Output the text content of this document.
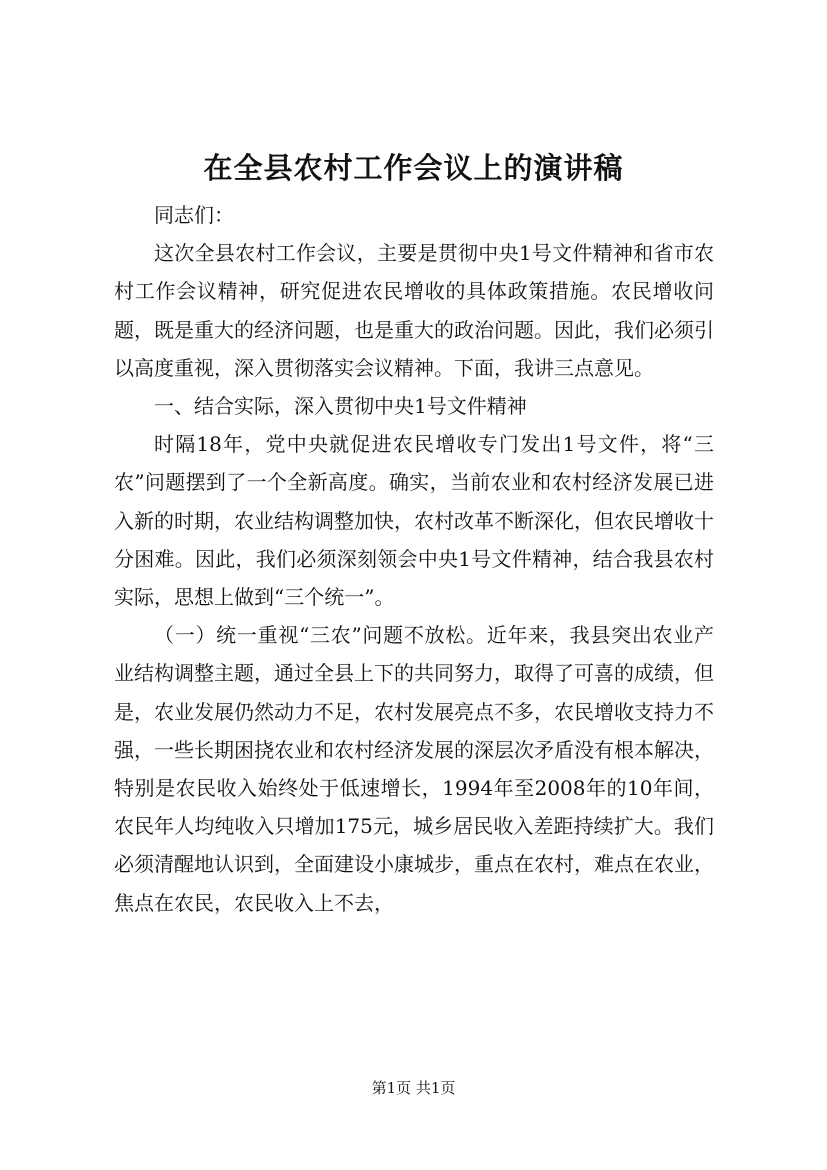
在全县农村工作会议上的演讲稿

同志们：

这次全县农村工作会议，主要是贯彻中央1号文件精神和省市农村工作会议精神，研究促进农民增收的具体政策措施。农民增收问题，既是重大的经济问题，也是重大的政治问题。因此，我们必须引以高度重视，深入贯彻落实会议精神。下面，我讲三点意见。

一、结合实际，深入贯彻中央1号文件精神

时隔18年，党中央就促进农民增收专门发出1号文件，将“三农”问题摆到了一个全新高度。确实，当前农业和农村经济发展已进入新的时期，农业结构调整加快，农村改革不断深化，但农民增收十分困难。因此，我们必须深刻领会中央1号文件精神，结合我县农村实际，思想上做到“三个统一”。

（一）统一重视“三农”问题不放松。近年来，我县突出农业产业结构调整主题，通过全县上下的共同努力，取得了可喜的成绩，但是，农业发展仍然动力不足，农村发展亮点不多，农民增收支持力不强，一些长期困挠农业和农村经济发展的深层次矛盾没有根本解决，特别是农民收入始终处于低速增长，1994年至2008年的10年间，农民年人均纯收入只增加175元，城乡居民收入差距持续扩大。我们必须清醒地认识到，全面建设小康城步，重点在农村，难点在农业，焦点在农民，农民收入上不去，

第1页 共1页
